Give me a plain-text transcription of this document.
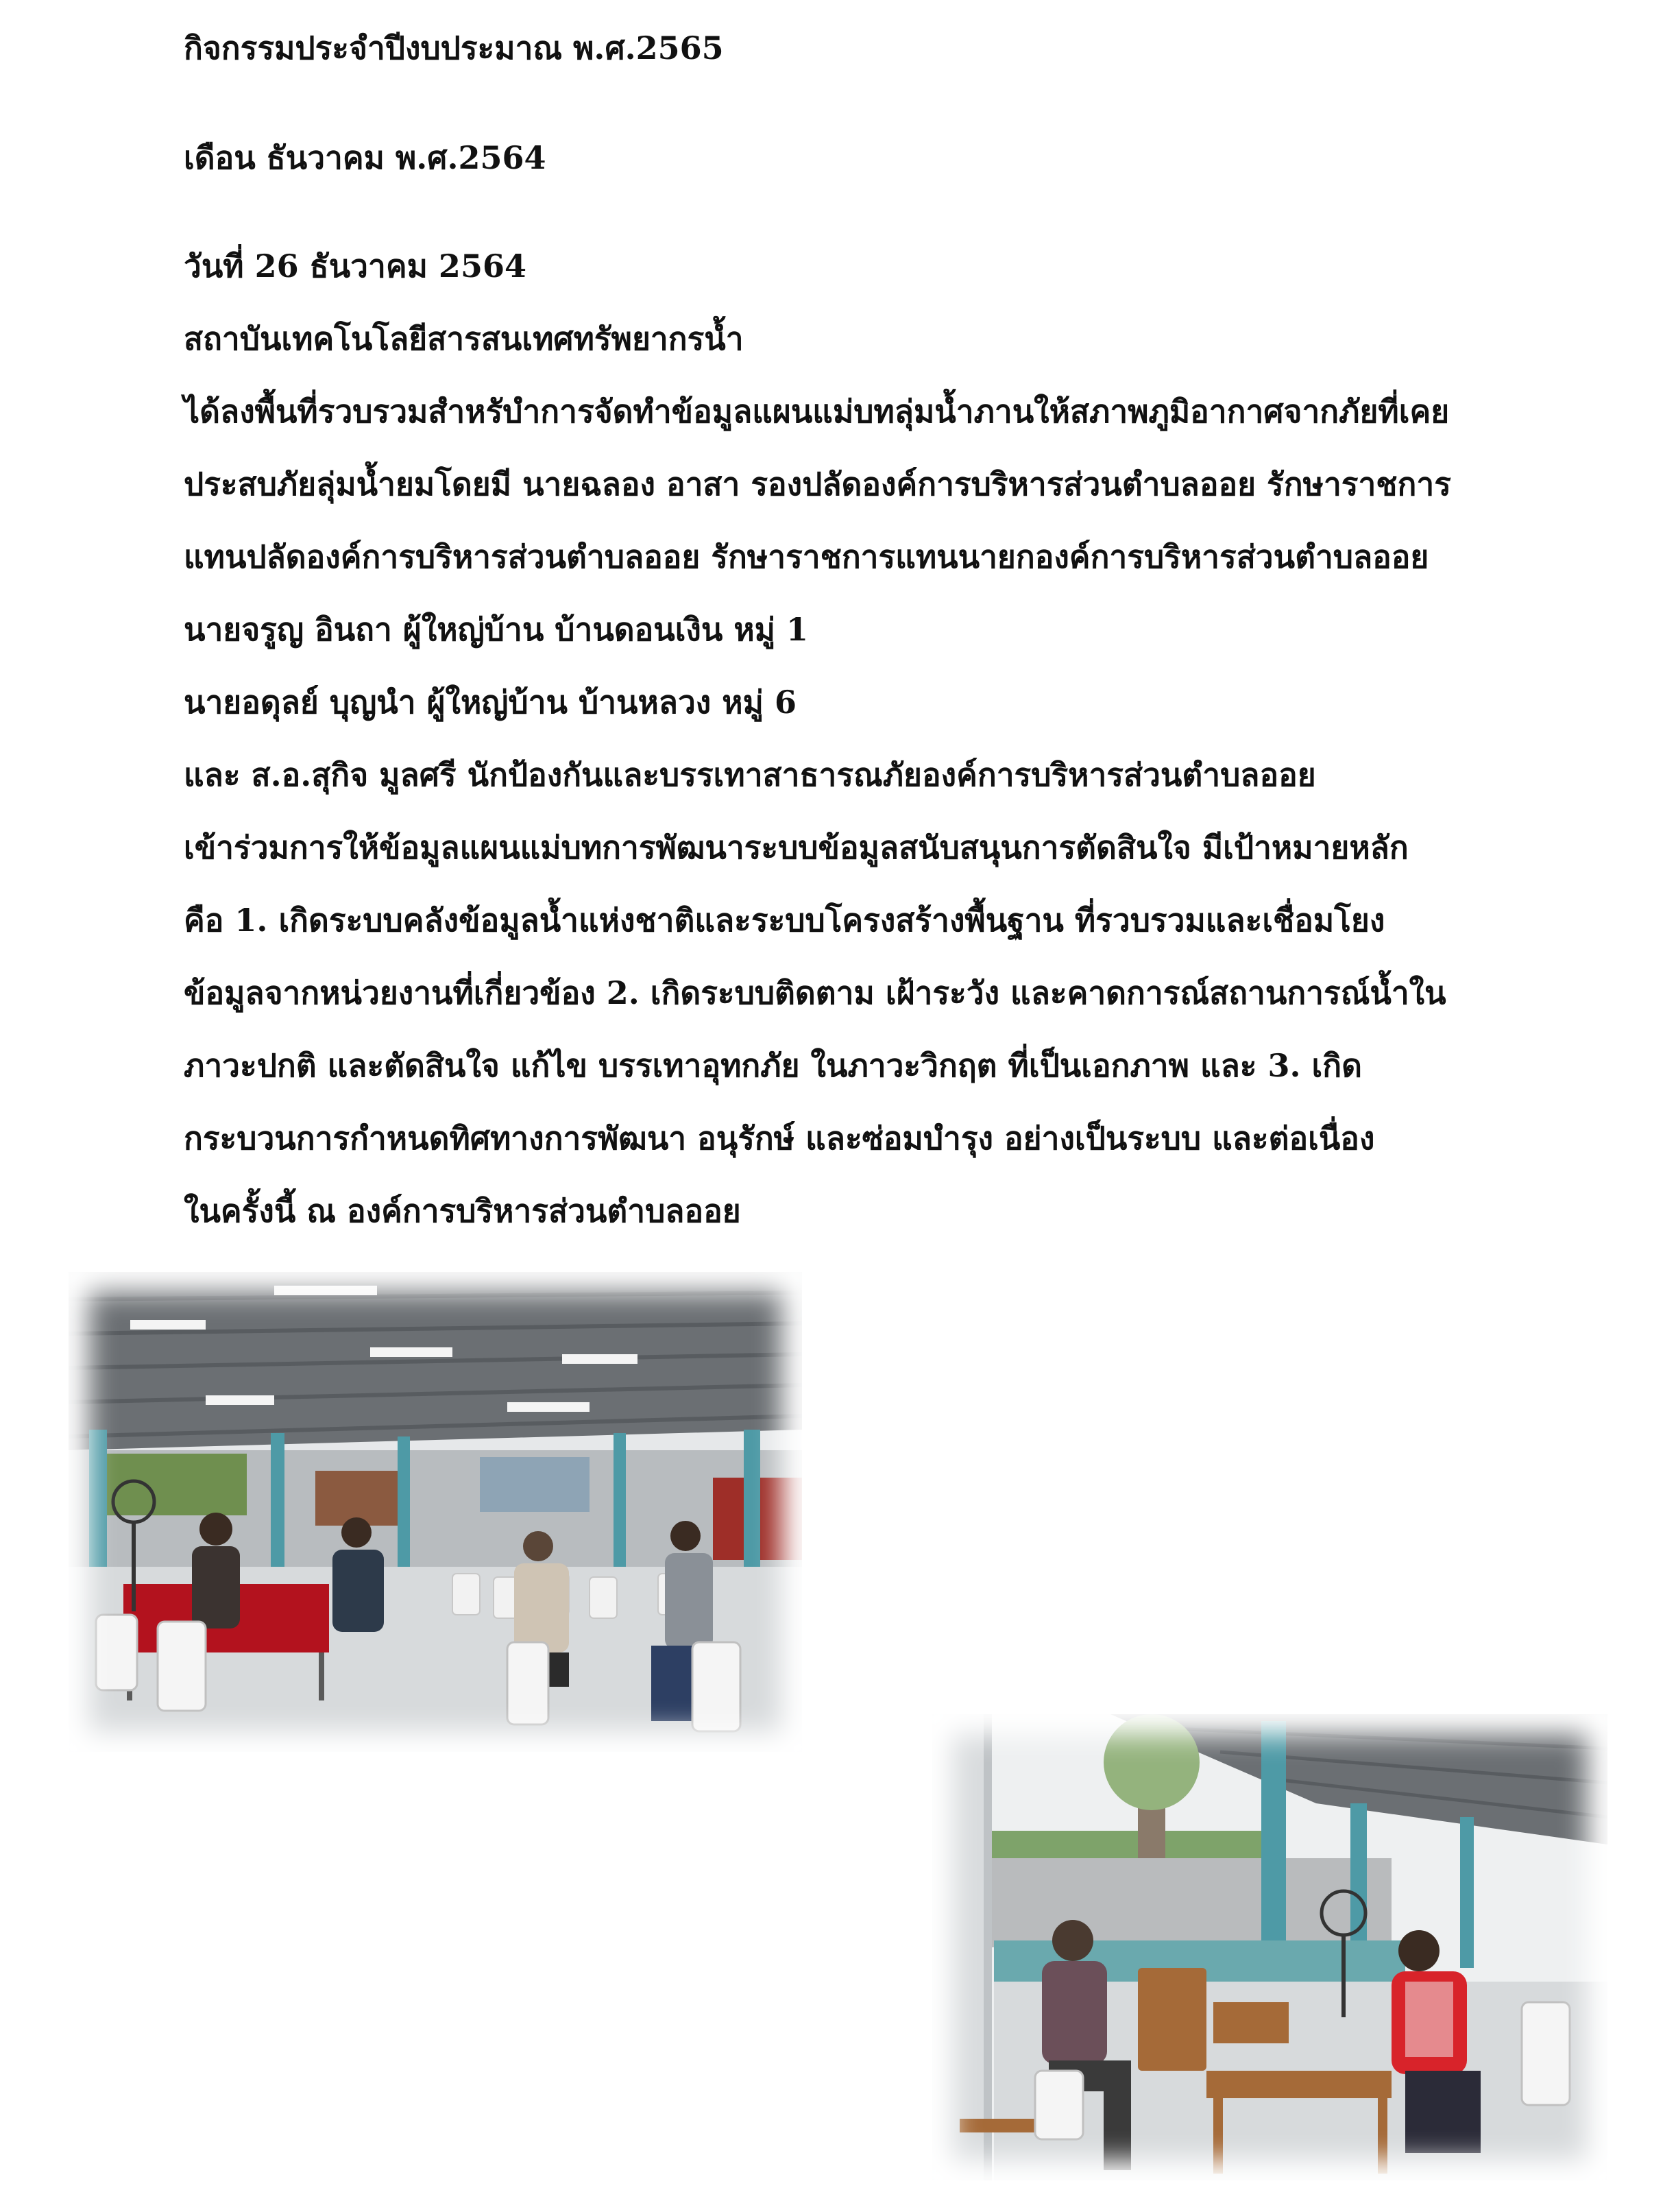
กิจกรรมประจำปีงบประมาณ พ.ศ.2565
เดือน ธันวาคม พ.ศ.2564
วันที่ 26 ธันวาคม 2564
สถาบันเทคโนโลยีสารสนเทศทรัพยากรน้ำ
ได้ลงพื้นที่รวบรวมสำหรับำการจัดทำข้อมูลแผนแม่บทลุ่มน้ำภานให้สภาพภูมิอากาศจากภัยที่เคย
ประสบภัยลุ่มน้ำยมโดยมี นายฉลอง อาสา รองปลัดองค์การบริหารส่วนตำบลออย รักษาราชการ
แทนปลัดองค์การบริหารส่วนตำบลออย รักษาราชการแทนนายกองค์การบริหารส่วนตำบลออย
นายจรูญ อินถา ผู้ใหญ่บ้าน บ้านดอนเงิน หมู่ 1
นายอดุลย์ บุญนำ ผู้ใหญ่บ้าน บ้านหลวง หมู่ 6
และ ส.อ.สุกิจ มูลศรี นักป้องกันและบรรเทาสาธารณภัยองค์การบริหารส่วนตำบลออย
เข้าร่วมการให้ข้อมูลแผนแม่บทการพัฒนาระบบข้อมูลสนับสนุนการตัดสินใจ มีเป้าหมายหลัก
คือ 1. เกิดระบบคลังข้อมูลน้ำแห่งชาติและระบบโครงสร้างพื้นฐาน ที่รวบรวมและเชื่อมโยง
ข้อมูลจากหน่วยงานที่เกี่ยวข้อง 2. เกิดระบบติดตาม เฝ้าระวัง และคาดการณ์สถานการณ์น้ำใน
ภาวะปกติ และตัดสินใจ แก้ไข บรรเทาอุทกภัย ในภาวะวิกฤต ที่เป็นเอกภาพ และ 3. เกิด
กระบวนการกำหนดทิศทางการพัฒนา อนุรักษ์ และซ่อมบำรุง อย่างเป็นระบบ และต่อเนื่อง
ในครั้งนี้ ณ องค์การบริหารส่วนตำบลออย
